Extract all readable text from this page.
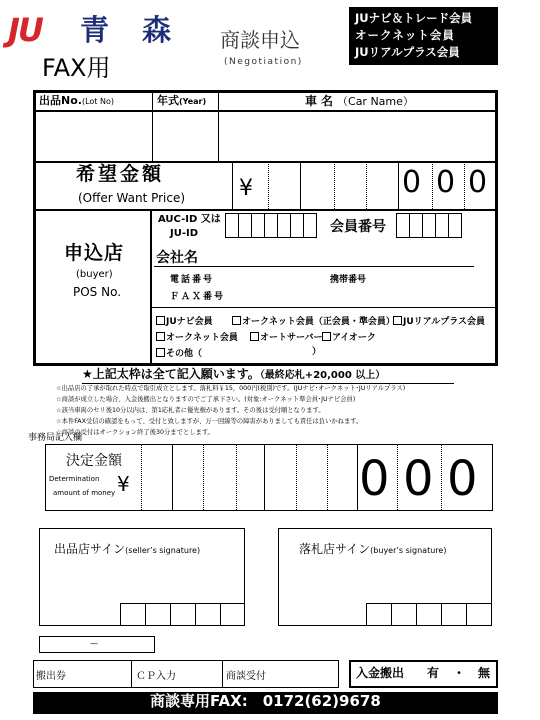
JU 青　森 商談申込
(Negotiation)
FAX用
JUナビ＆トレード会員
オークネット会員
JUリアルプラス会員
出品No.(Lot No)	年式(Year)	車名（Car Name）
希望金額
(Offer Want Price) ¥	0 0 0
申込店
(buyer)
POS No.
AUC-ID 又は
JU-ID	会員番号
会社名
電話番号	携帯番号
ＦＡＸ番号
JUナビ会員	オークネット会員（正会員・準会員） JUリアルプラス会員
オークネット会員	オートサーバー	アイオーク
その他（	）
★上記太枠は全て記入願います。（最終応札+20,000 以上）
☆出品店の了承が取れた時点で取引成立とします。落札料￥15，000円(税別)です。(JUナビ･オークネット･JUリアルプラス)
☆商談が成立した場合、入金後搬出となりますのでご了承下さい。(対象:オークネット準会員･JUナビ会員)
☆該当車両のセリ後10分以内は、第1応札者に優先権があります。その後は受付順となります。
☆本件FAX受信の確認をもって、受付と致しますが、万一回線等の障害がありましても責任は負いかねます。
☆商談の受付はオークション終了後30分までとします。
事務局記入欄
決定金額
Determination
amount of money ¥	0 0 0
出品店サイン(seller’s signature)	落札店サイン(buyer’s signature)
—
搬出券	ＣＰ入力	商談受付	入金搬出 有 ・ 無
商談専用FAX:　0172(62)9678
